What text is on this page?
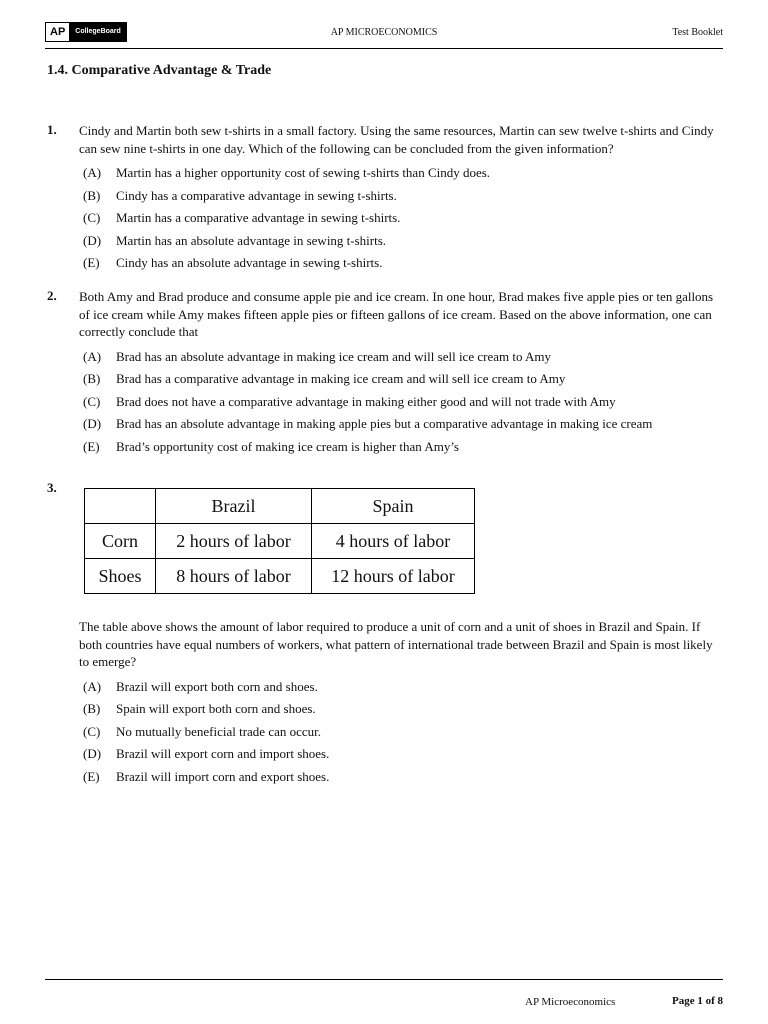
AP	CollegeBoard	AP MICROECONOMICS	Test Booklet
1.4. Comparative Advantage & Trade
1. Cindy and Martin both sew t-shirts in a small factory. Using the same resources, Martin can sew twelve t-shirts and Cindy can sew nine t-shirts in one day. Which of the following can be concluded from the given information?
(A)	Martin has a higher opportunity cost of sewing t-shirts than Cindy does.
(B)	Cindy has a comparative advantage in sewing t-shirts.
(C)	Martin has a comparative advantage in sewing t-shirts.
(D)	Martin has an absolute advantage in sewing t-shirts.
(E)	Cindy has an absolute advantage in sewing t-shirts.
2. Both Amy and Brad produce and consume apple pie and ice cream. In one hour, Brad makes five apple pies or ten gallons of ice cream while Amy makes fifteen apple pies or fifteen gallons of ice cream. Based on the above information, one can correctly conclude that
(A)	Brad has an absolute advantage in making ice cream and will sell ice cream to Amy
(B)	Brad has a comparative advantage in making ice cream and will sell ice cream to Amy
(C)	Brad does not have a comparative advantage in making either good and will not trade with Amy
(D)	Brad has an absolute advantage in making apple pies but a comparative advantage in making ice cream
(E)	Brad’s opportunity cost of making ice cream is higher than Amy’s
3.
	Brazil	Spain
Corn	2 hours of labor	4 hours of labor
Shoes	8 hours of labor	12 hours of labor
The table above shows the amount of labor required to produce a unit of corn and a unit of shoes in Brazil and Spain. If both countries have equal numbers of workers, what pattern of international trade between Brazil and Spain is most likely to emerge?
(A)	Brazil will export both corn and shoes.
(B)	Spain will export both corn and shoes.
(C)	No mutually beneficial trade can occur.
(D)	Brazil will export corn and import shoes.
(E)	Brazil will import corn and export shoes.
AP Microeconomics	Page 1 of 8
